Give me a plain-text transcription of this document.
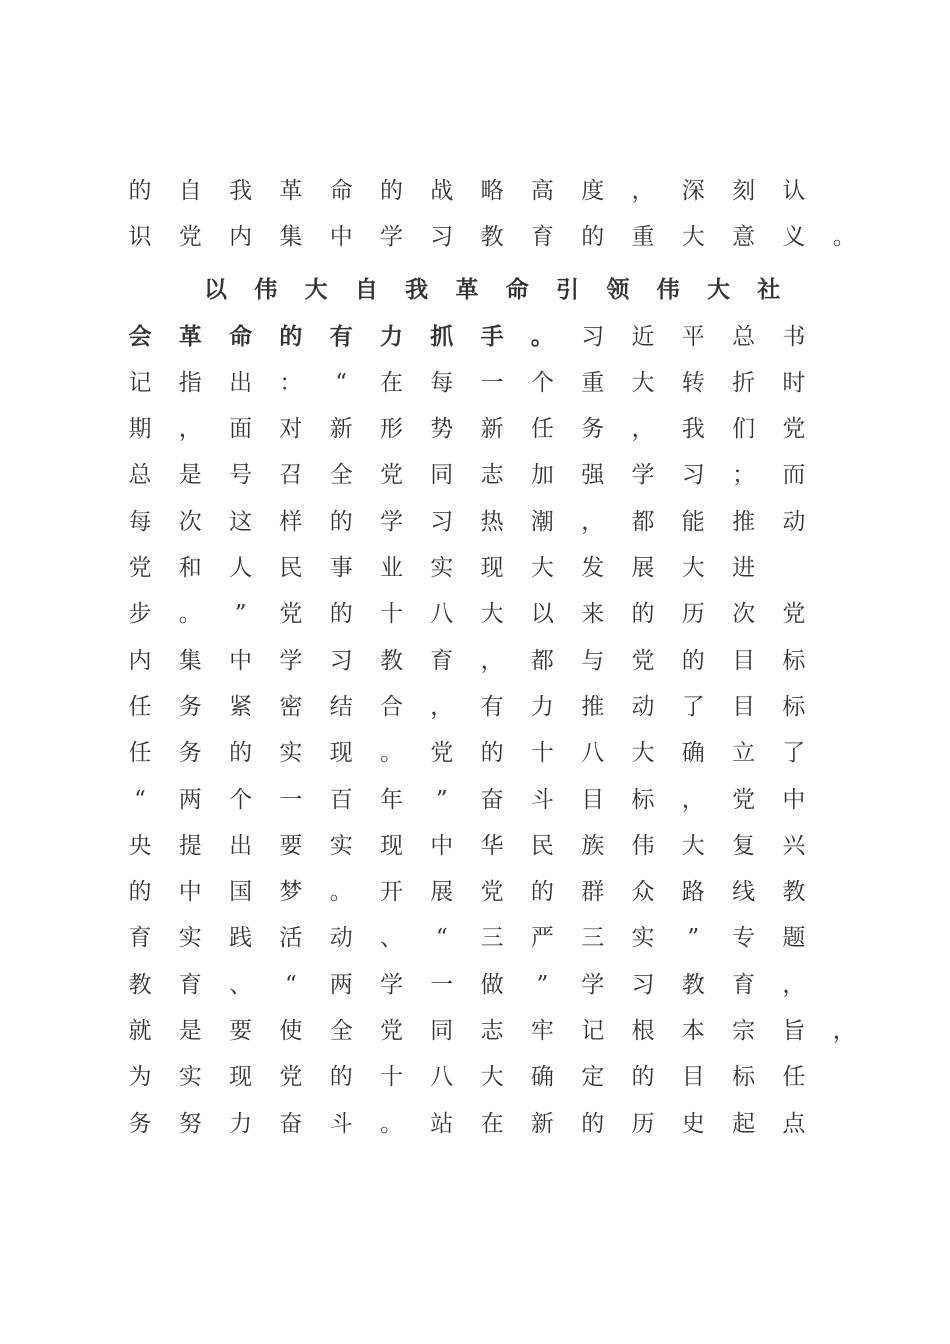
的 自 我 革 命 的 战 略 高 度 ， 深 刻 认
识 党 内 集 中 学 习 教 育 的 重 大 意 义 。
以 伟 大 自 我 革 命 引 领 伟 大 社
会 革 命 的 有 力 抓 手 。 习 近 平 总 书
记 指 出 ：	“	在 每 一 个 重 大 转 折 时
期 ， 面 对 新 形 势 新 任 务 ， 我 们 党
总 是 号 召 全 党 同 志 加 强 学 习 ； 而
每 次 这 样 的 学 习 热 潮 ， 都 能 推 动
党 和 人 民 事 业 实 现 大 发 展 大 进
步 。	”	党 的 十 八 大 以 来 的 历 次 党
内 集 中 学 习 教 育 ， 都 与 党 的 目 标
任 务 紧 密 结 合 ， 有 力 推 动 了 目 标
任 务 的 实 现 。 党 的 十 八 大 确 立 了
“	两 个 一 百 年	”	奋 斗 目 标 ， 党 中
央 提 出 要 实 现 中 华 民 族 伟 大 复 兴
的 中 国 梦 。 开 展 党 的 群 众 路 线 教
育 实 践 活 动 、	“	三 严 三 实	”	专 题
教 育 、	“	两 学 一 做	”	学 习 教 育 ，
就 是 要 使 全 党 同 志 牢 记 根 本 宗 旨 ，
为 实 现 党 的 十 八 大 确 定 的 目 标 任
务 努 力 奋 斗 。 站 在 新 的 历 史 起 点
